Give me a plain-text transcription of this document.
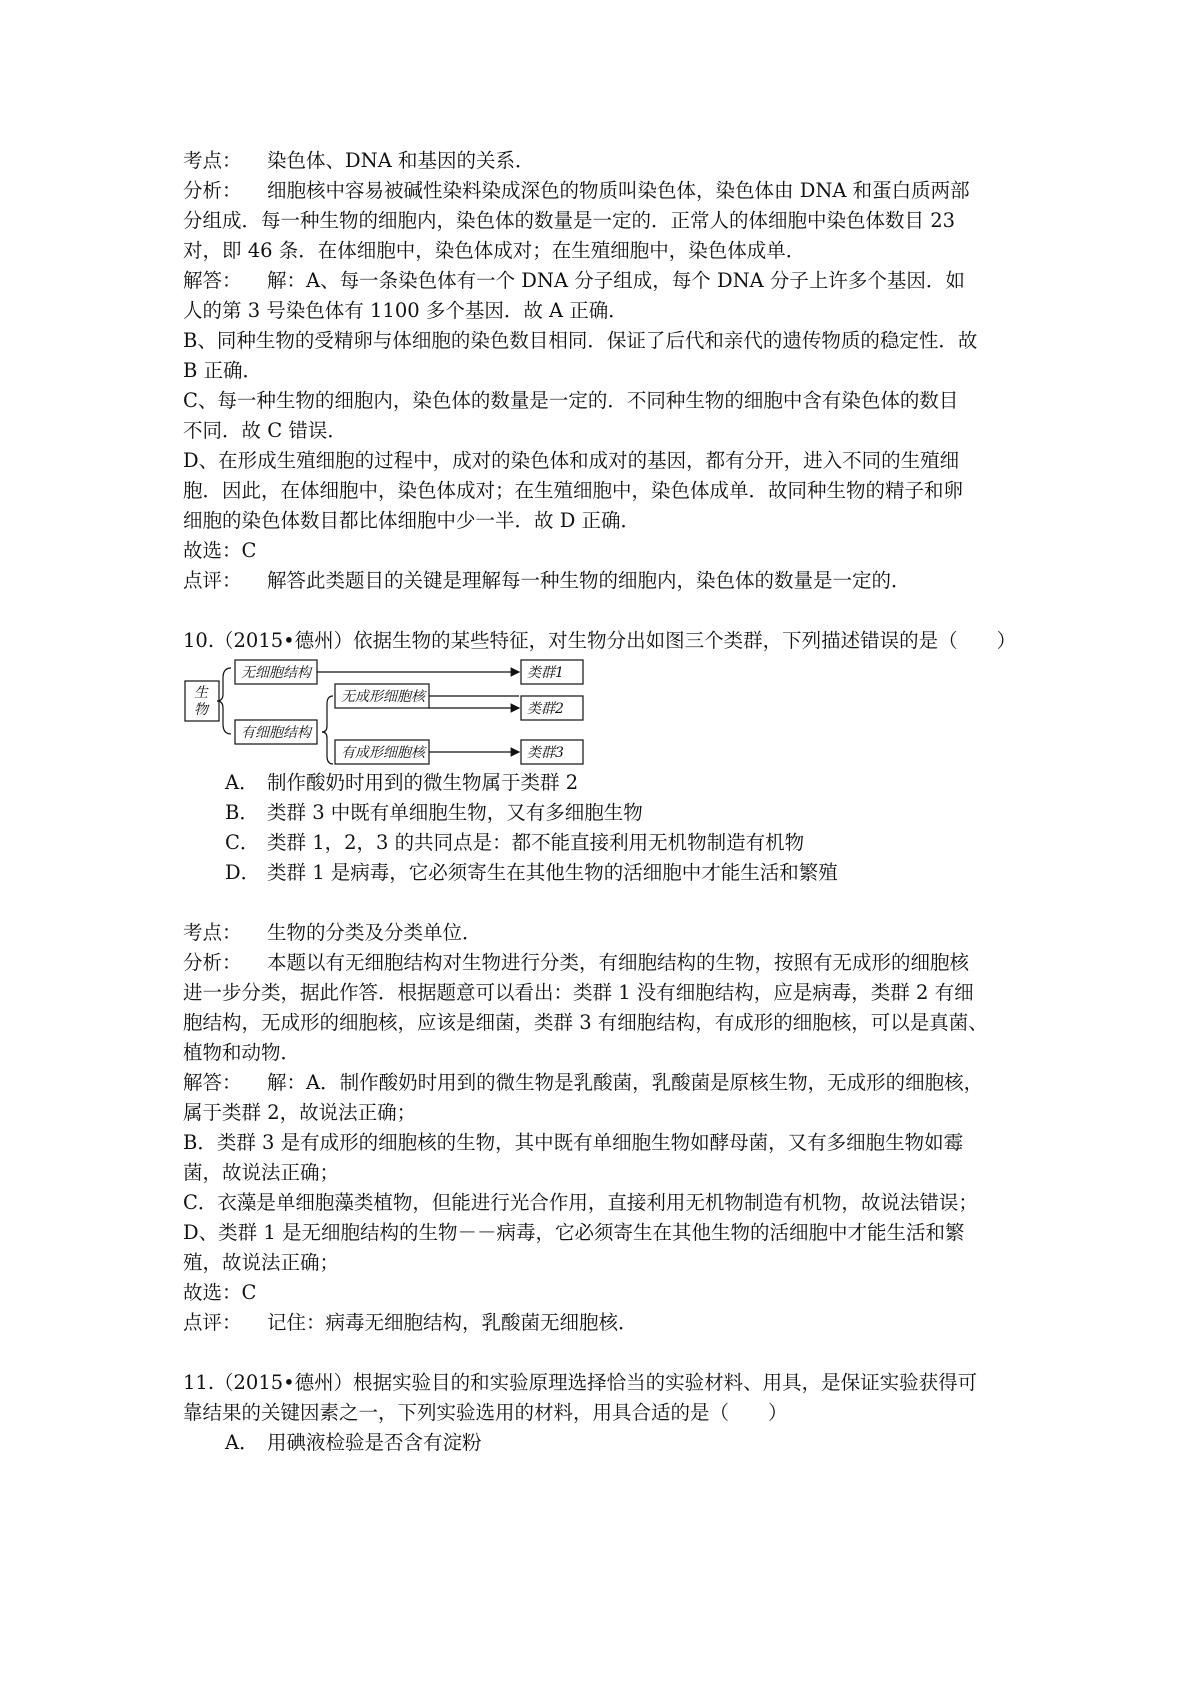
考点： 染色体、DNA 和基因的关系．
分析： 细胞核中容易被碱性染料染成深色的物质叫染色体，染色体由 DNA 和蛋白质两部
分组成．每一种生物的细胞内，染色体的数量是一定的．正常人的体细胞中染色体数目 23
对，即 46 条．在体细胞中，染色体成对；在生殖细胞中，染色体成单．
解答： 解：A、每一条染色体有一个 DNA 分子组成，每个 DNA 分子上许多个基因．如
人的第 3 号染色体有 1100 多个基因．故 A 正确．
B、同种生物的受精卵与体细胞的染色数目相同．保证了后代和亲代的遗传物质的稳定性．故
B 正确．
C、每一种生物的细胞内，染色体的数量是一定的．不同种生物的细胞中含有染色体的数目
不同．故 C 错误．
D、在形成生殖细胞的过程中，成对的染色体和成对的基因，都有分开，进入不同的生殖细
胞．因此，在体细胞中，染色体成对；在生殖细胞中，染色体成单．故同种生物的精子和卵
细胞的染色体数目都比体细胞中少一半．故 D 正确．
故选：C
点评： 解答此类题目的关键是理解每一种生物的细胞内，染色体的数量是一定的．
10.（2015•德州）依据生物的某些特征，对生物分出如图三个类群，下列描述错误的是（　　）
生
物
无细胞结构	类群1
有细胞结构
无成形细胞核
类群2
有成形细胞核	类群3
A． 制作酸奶时用到的微生物属于类群 2
B． 类群 3 中既有单细胞生物，又有多细胞生物
C． 类群 1，2，3 的共同点是：都不能直接利用无机物制造有机物
D． 类群 1 是病毒，它必须寄生在其他生物的活细胞中才能生活和繁殖
考点： 生物的分类及分类单位．
分析： 本题以有无细胞结构对生物进行分类，有细胞结构的生物，按照有无成形的细胞核
进一步分类，据此作答．根据题意可以看出：类群 1 没有细胞结构，应是病毒，类群 2 有细
胞结构，无成形的细胞核，应该是细菌，类群 3 有细胞结构，有成形的细胞核，可以是真菌、
植物和动物．
解答： 解：A．制作酸奶时用到的微生物是乳酸菌，乳酸菌是原核生物，无成形的细胞核，
属于类群 2，故说法正确；
B．类群 3 是有成形的细胞核的生物，其中既有单细胞生物如酵母菌，又有多细胞生物如霉
菌，故说法正确；
C．衣藻是单细胞藻类植物，但能进行光合作用，直接利用无机物制造有机物，故说法错误；
D、类群 1 是无细胞结构的生物－－病毒，它必须寄生在其他生物的活细胞中才能生活和繁
殖，故说法正确；
故选：C
点评： 记住：病毒无细胞结构，乳酸菌无细胞核．
11.（2015•德州）根据实验目的和实验原理选择恰当的实验材料、用具，是保证实验获得可
靠结果的关键因素之一，下列实验选用的材料，用具合适的是（　　）
A． 用碘液检验是否含有淀粉
